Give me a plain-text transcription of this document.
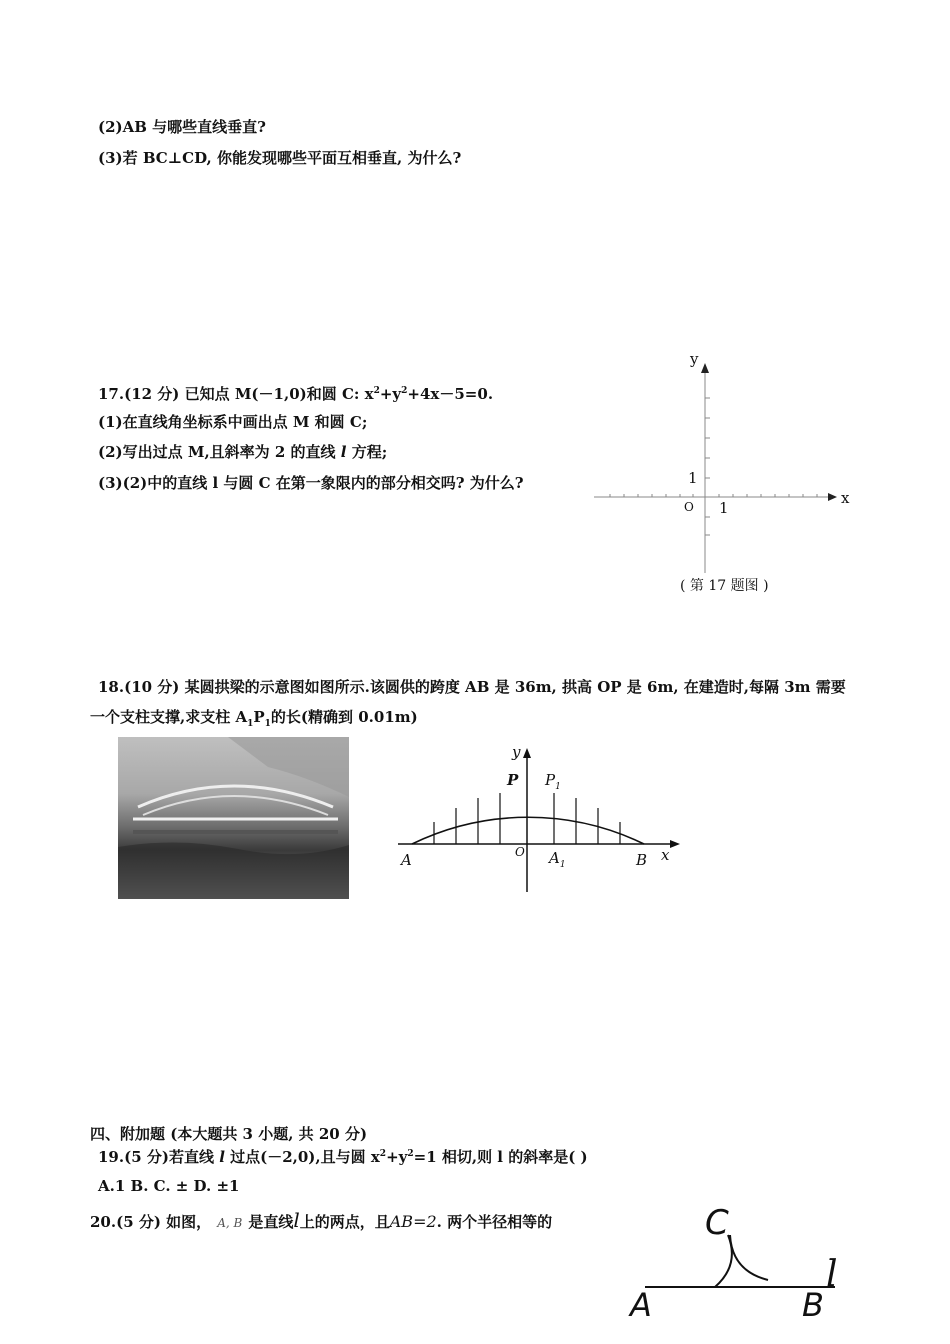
(2)AB 与哪些直线垂直?
(3)若 BC⊥CD, 你能发现哪些平面互相垂直, 为什么?
17.(12 分) 已知点 M(－1,0)和圆 C: $x^2+y^2+4x-5=0$.
(1)在直线角坐标系中画出点 M 和圆 C;
(2)写出过点 M,且斜率为 2 的直线 l 方程;
(3)(2)中的直线 l 与圆 C 在第一象限内的部分相交吗? 为什么?
y
x
O
1
1
( 第 17 题图 )
18.(10 分) 某圆拱梁的示意图如图所示.该圆供的跨度 AB 是 36m, 拱高 OP 是 6m, 在建造时,每隔 3m 需要
一个支柱支撑,求支柱 $A_1P_1$的长(精确到 0.01m)
y
x
P $P_1$
A	O $A_1$	B
四、附加题 (本大题共 3 小题, 共 20 分)
19.(5 分)若直线 l 过点(－2,0),且与圆 $x^2+y^2=1$ 相切,则 l 的斜率是( )
A.1 B. C. ± D. ±1
20.(5 分) 如图， A, B 是直线l上的两点，且AB=2. 两个半径相等的	C
l
A	B
